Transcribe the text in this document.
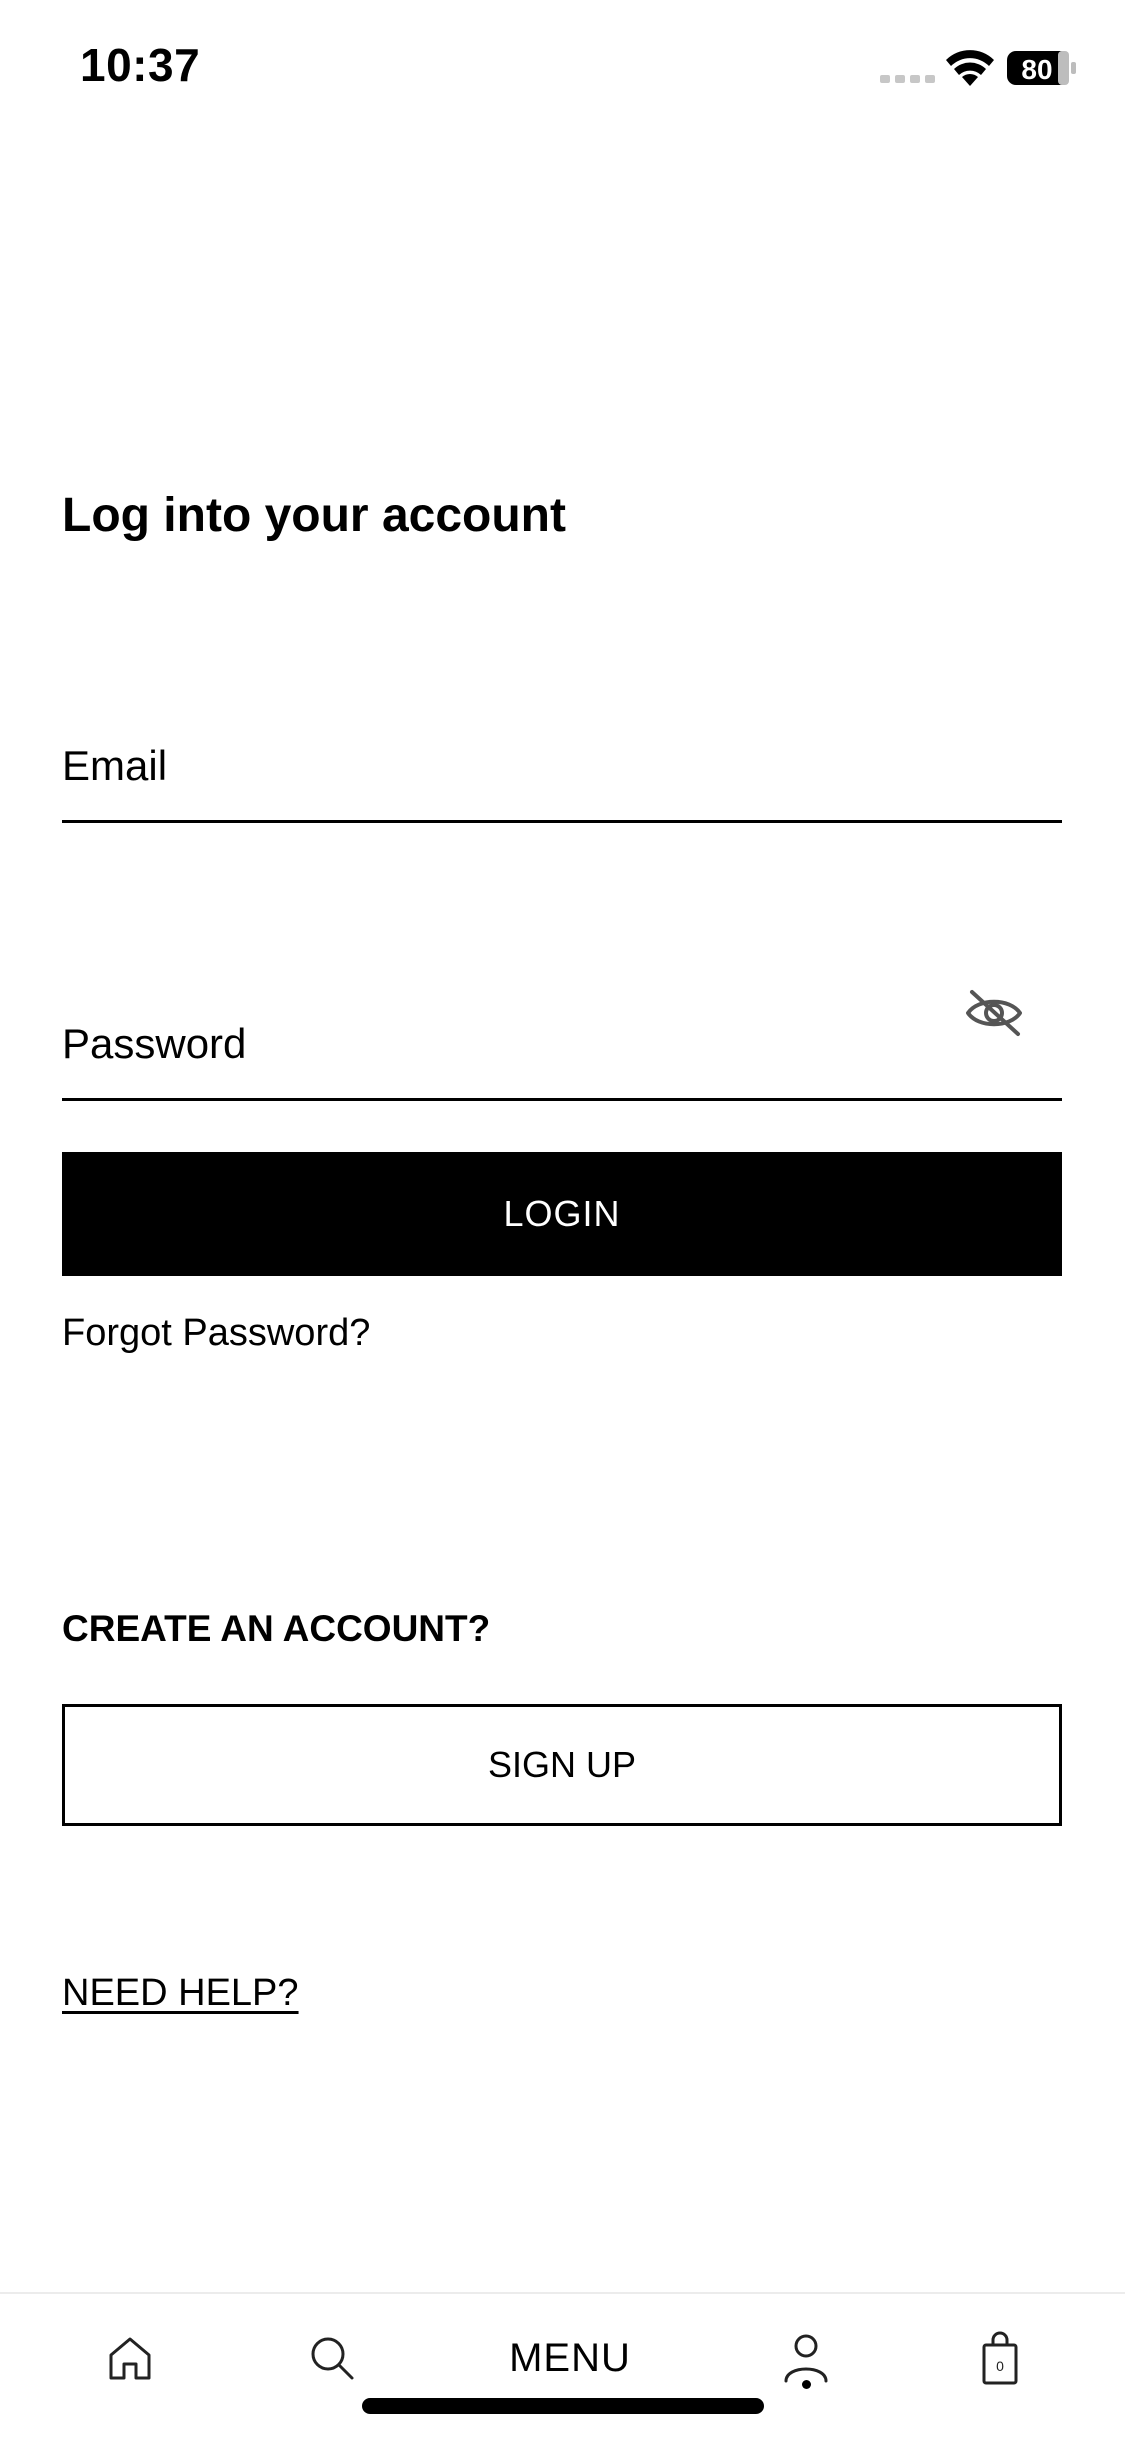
10:37	80
Log into your account
Email
Password
LOGIN
Forgot Password?
CREATE AN ACCOUNT?
SIGN UP
NEED HELP?
MENU	0
